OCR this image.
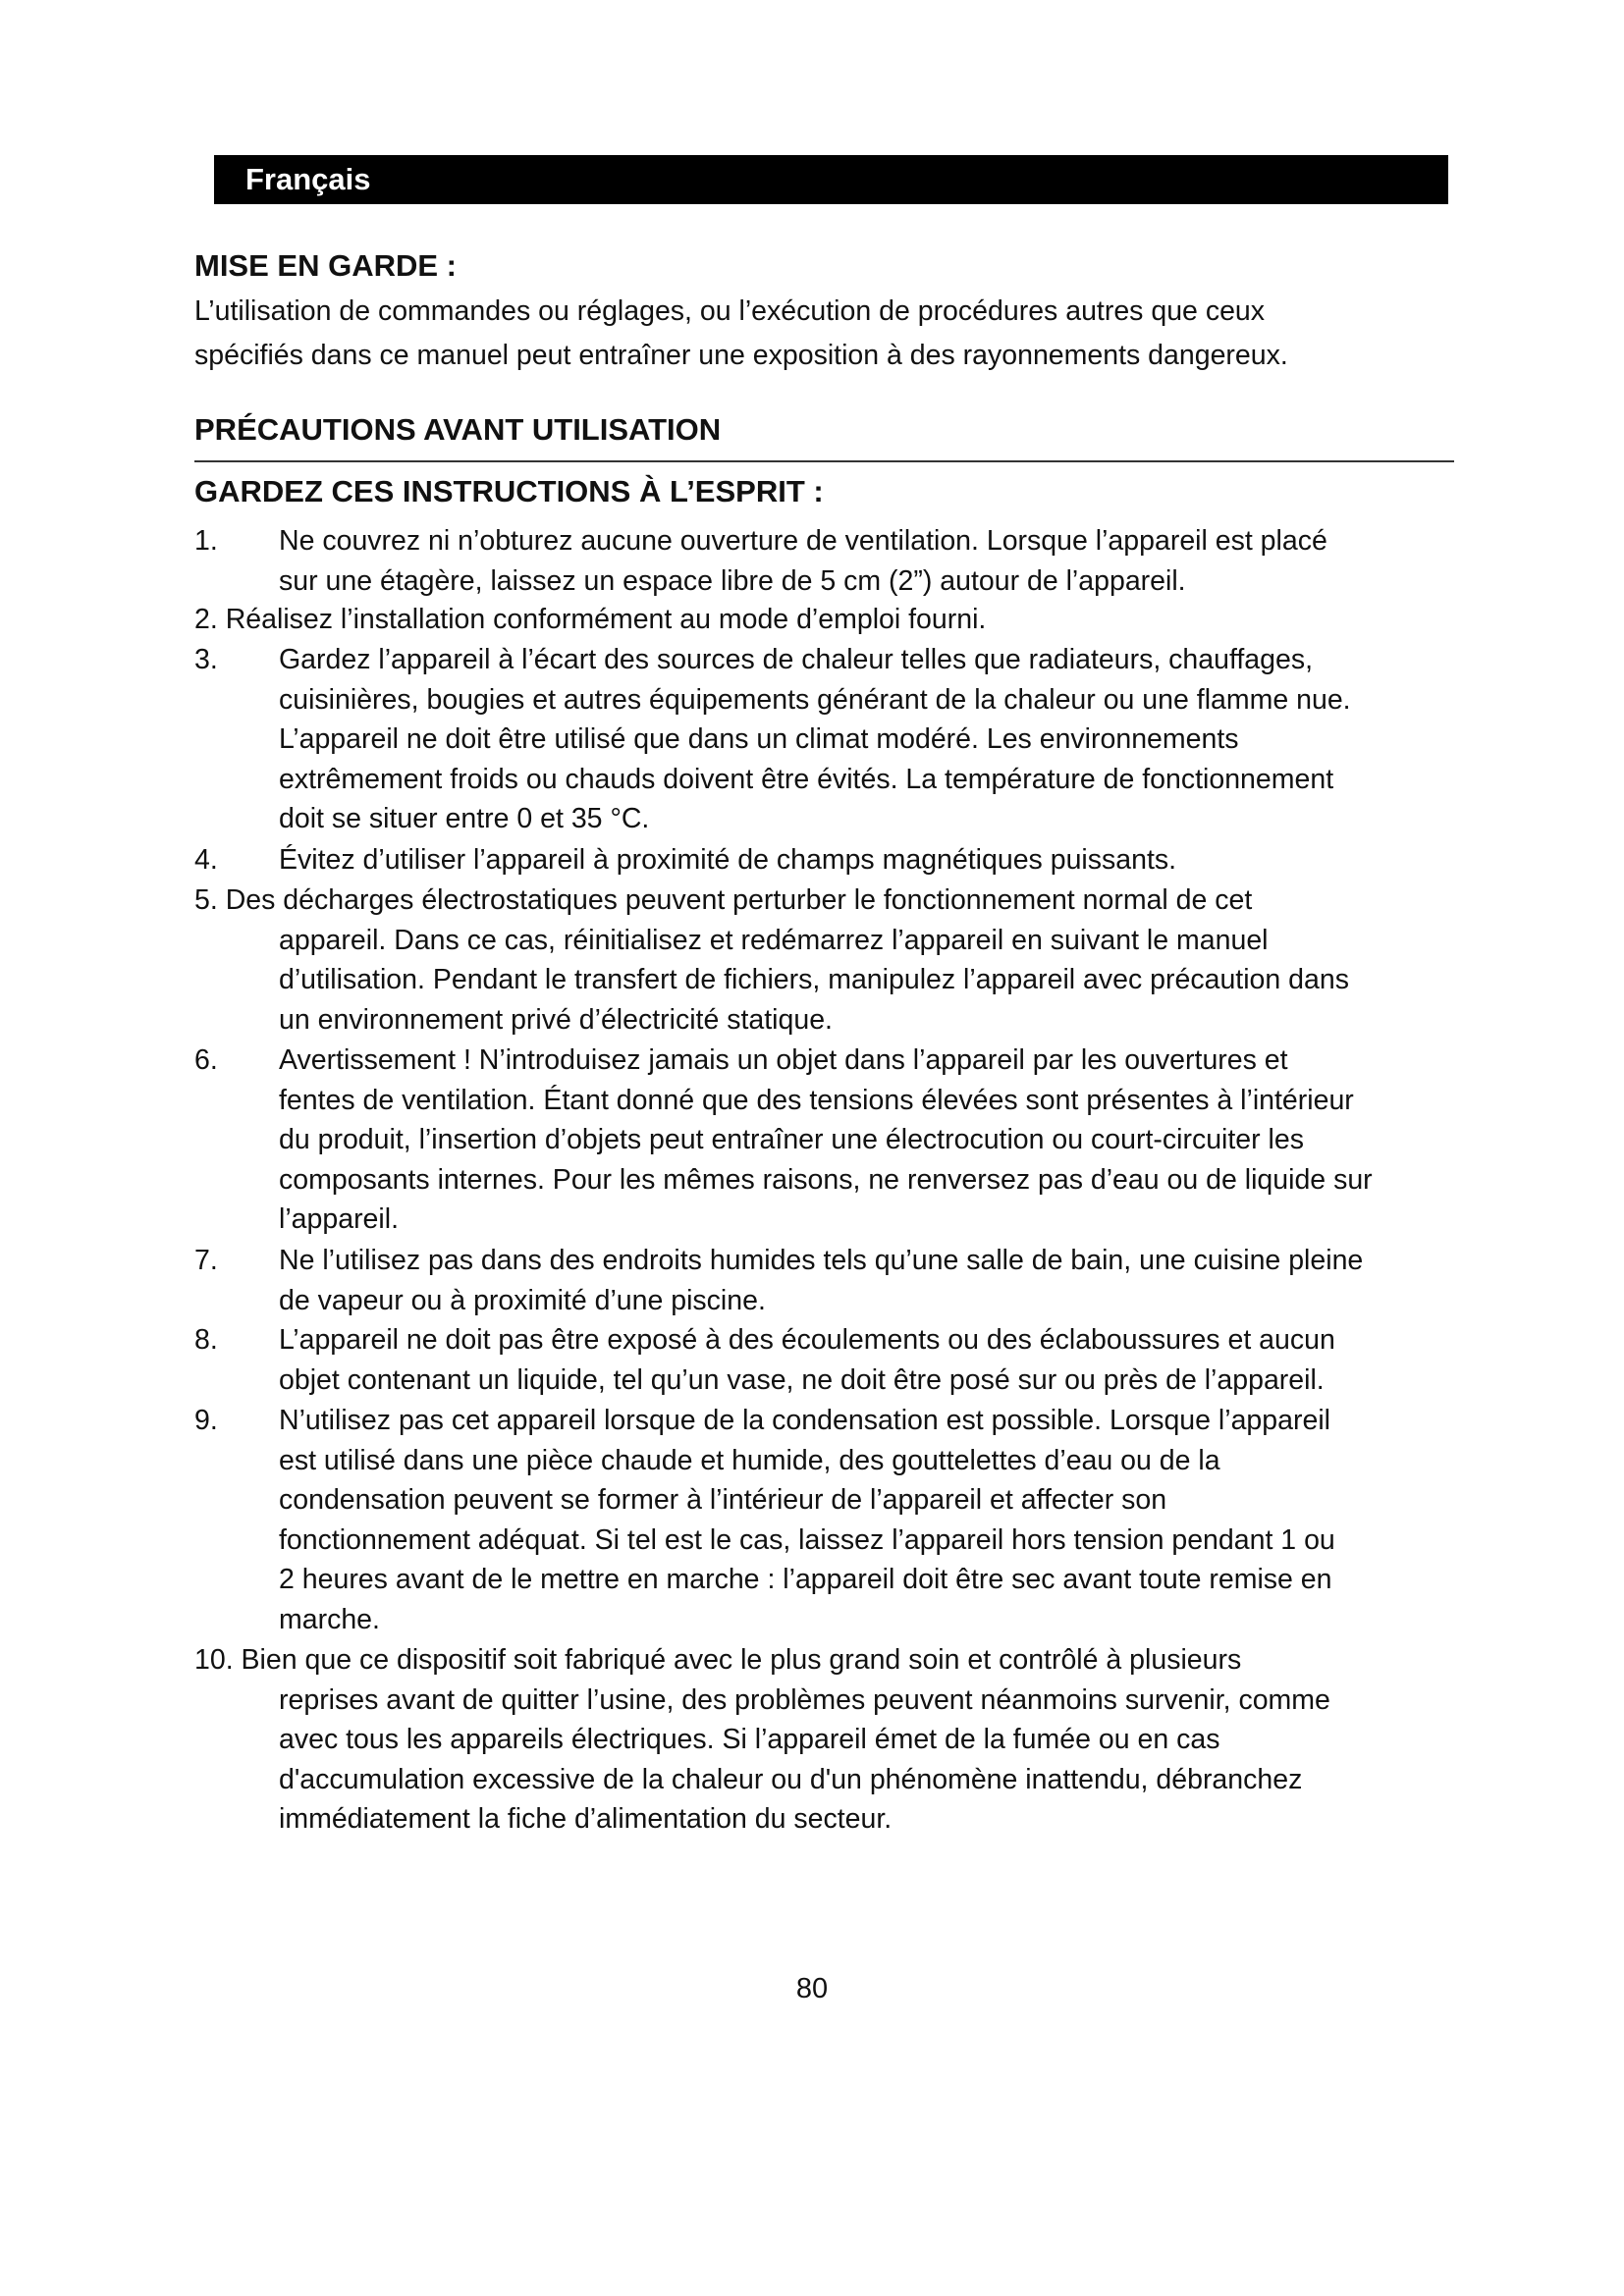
Français
MISE EN GARDE :

L’utilisation de commandes ou réglages, ou l’exécution de procédures autres que ceux

spécifiés dans ce manuel peut entraîner une exposition à des rayonnements dangereux.

PRÉCAUTIONS AVANT UTILISATION
GARDEZ CES INSTRUCTIONS À L’ESPRIT :
1.	Ne couvrez ni n’obturez aucune ouverture de ventilation. Lorsque l’appareil est placé
sur une étagère, laissez un espace libre de 5 cm (2”) autour de l’appareil.
2. Réalisez l’installation conformément au mode d’emploi fourni.
3.	Gardez l’appareil à l’écart des sources de chaleur telles que radiateurs, chauffages,
cuisinières, bougies et autres équipements générant de la chaleur ou une flamme nue.
L’appareil ne doit être utilisé que dans un climat modéré. Les environnements
extrêmement froids ou chauds doivent être évités. La température de fonctionnement
doit se situer entre 0 et 35 °C.
4.	Évitez d’utiliser l’appareil à proximité de champs magnétiques puissants.
5. Des décharges électrostatiques peuvent perturber le fonctionnement normal de cet
appareil. Dans ce cas, réinitialisez et redémarrez l’appareil en suivant le manuel
d’utilisation. Pendant le transfert de fichiers, manipulez l’appareil avec précaution dans
un environnement privé d’électricité statique.
6.	Avertissement ! N’introduisez jamais un objet dans l’appareil par les ouvertures et
fentes de ventilation. Étant donné que des tensions élevées sont présentes à l’intérieur
du produit, l’insertion d’objets peut entraîner une électrocution ou court-circuiter les
composants internes. Pour les mêmes raisons, ne renversez pas d’eau ou de liquide sur
l’appareil.
7.	Ne l’utilisez pas dans des endroits humides tels qu’une salle de bain, une cuisine pleine
de vapeur ou à proximité d’une piscine.
8.	L’appareil ne doit pas être exposé à des écoulements ou des éclaboussures et aucun
objet contenant un liquide, tel qu’un vase, ne doit être posé sur ou près de l’appareil.
9.	N’utilisez pas cet appareil lorsque de la condensation est possible. Lorsque l’appareil
est utilisé dans une pièce chaude et humide, des gouttelettes d’eau ou de la
condensation peuvent se former à l’intérieur de l’appareil et affecter son
fonctionnement adéquat. Si tel est le cas, laissez l’appareil hors tension pendant 1 ou
2 heures avant de le mettre en marche : l’appareil doit être sec avant toute remise en
marche.
10. Bien que ce dispositif soit fabriqué avec le plus grand soin et contrôlé à plusieurs
reprises avant de quitter l’usine, des problèmes peuvent néanmoins survenir, comme
avec tous les appareils électriques. Si l’appareil émet de la fumée ou en cas
d'accumulation excessive de la chaleur ou d'un phénomène inattendu, débranchez
immédiatement la fiche d’alimentation du secteur.
80
